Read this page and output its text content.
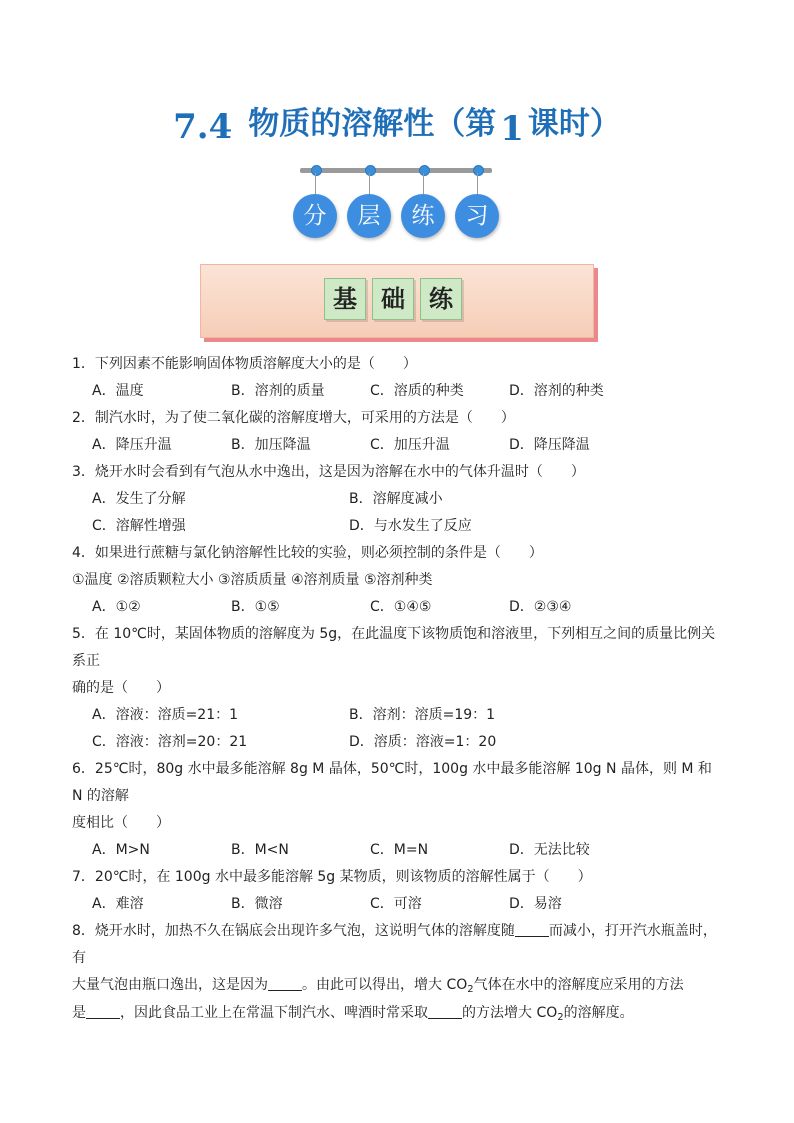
7.4 物质的溶解性（第 1 课时）
分	层	练	习
基	础	练

1．下列因素不能影响固体物质溶解度大小的是（　　）

A．温度	B．溶剂的质量	C．溶质的种类	D．溶剂的种类

2．制汽水时，为了使二氧化碳的溶解度增大，可采用的方法是（　　）

A．降压升温	B．加压降温	C．加压升温	D．降压降温

3．烧开水时会看到有气泡从水中逸出，这是因为溶解在水中的气体升温时（　　）

A．发生了分解	B．溶解度减小
C．溶解性增强	D．与水发生了反应

4．如果进行蔗糖与氯化钠溶解性比较的实验，则必须控制的条件是（　　）

①温度 ②溶质颗粒大小 ③溶质质量 ④溶剂质量 ⑤溶剂种类

A．①②	B．①⑤	C．①④⑤	D．②③④

5．在 10℃时，某固体物质的溶解度为 5g，在此温度下该物质饱和溶液里，下列相互之间的质量比例关系正

确的是（　　）

A．溶液：溶质=21：1	B．溶剂：溶质=19：1
C．溶液：溶剂=20：21	D．溶质：溶液=1：20

6．25℃时，80g 水中最多能溶解 8g M 晶体，50℃时，100g 水中最多能溶解 10g N 晶体，则 M 和 N 的溶解

度相比（　　）

A．M>N	B．M<N	C．M=N	D．无法比较

7．20℃时，在 100g 水中最多能溶解 5g 某物质，则该物质的溶解性属于（　　）

A．难溶	B．微溶	C．可溶	D．易溶

8．烧开水时，加热不久在锅底会出现许多气泡，这说明气体的溶解度随 而减小，打开汽水瓶盖时，有

大量气泡由瓶口逸出，这是因为 。由此可以得出，增大 $CO_2$气体在水中的溶解度应采用的方法

是 ，因此食品工业上在常温下制汽水、啤酒时常采取 的方法增大 $CO_2$的溶解度。
